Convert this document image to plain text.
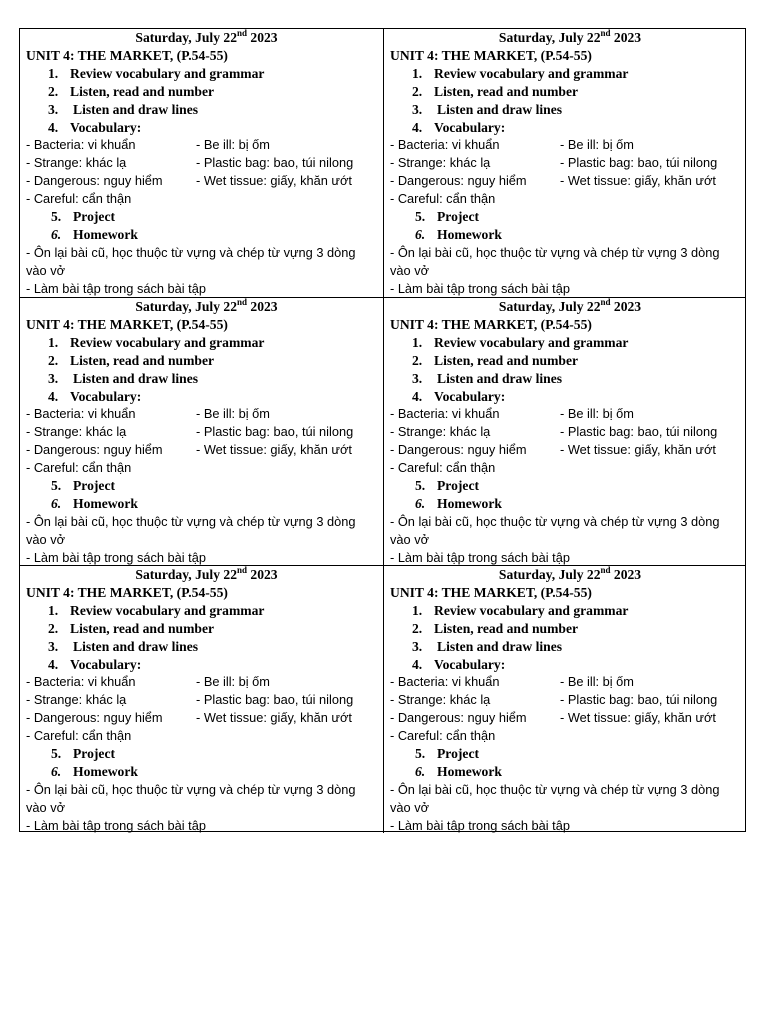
Saturday, July 22nd 2023
UNIT 4: THE MARKET, (P.54-55)
1. Review vocabulary and grammar
2. Listen, read and number
3. Listen and draw lines
4. Vocabulary:
- Bacteria: vi khuẩn	- Be ill: bị ốm
- Strange: khác lạ	- Plastic bag: bao, túi nilong
- Dangerous: nguy hiểm	- Wet tissue: giấy, khăn ướt
- Careful: cẩn thận
5. Project
6. Homework
- Ôn lại bài cũ, học thuộc từ vựng và chép từ vựng 3 dòng vào vở
- Làm bài tập trong sách bài tập
Saturday, July 22nd 2023
UNIT 4: THE MARKET, (P.54-55)
1. Review vocabulary and grammar
2. Listen, read and number
3. Listen and draw lines
4. Vocabulary:
- Bacteria: vi khuẩn	- Be ill: bị ốm
- Strange: khác lạ	- Plastic bag: bao, túi nilong
- Dangerous: nguy hiểm	- Wet tissue: giấy, khăn ướt
- Careful: cẩn thận
5. Project
6. Homework
- Ôn lại bài cũ, học thuộc từ vựng và chép từ vựng 3 dòng vào vở
- Làm bài tập trong sách bài tập
Saturday, July 22nd 2023
UNIT 4: THE MARKET, (P.54-55)
1. Review vocabulary and grammar
2. Listen, read and number
3. Listen and draw lines
4. Vocabulary:
- Bacteria: vi khuẩn	- Be ill: bị ốm
- Strange: khác lạ	- Plastic bag: bao, túi nilong
- Dangerous: nguy hiểm	- Wet tissue: giấy, khăn ướt
- Careful: cẩn thận
5. Project
6. Homework
- Ôn lại bài cũ, học thuộc từ vựng và chép từ vựng 3 dòng vào vở
- Làm bài tập trong sách bài tập
Saturday, July 22nd 2023
UNIT 4: THE MARKET, (P.54-55)
1. Review vocabulary and grammar
2. Listen, read and number
3. Listen and draw lines
4. Vocabulary:
- Bacteria: vi khuẩn	- Be ill: bị ốm
- Strange: khác lạ	- Plastic bag: bao, túi nilong
- Dangerous: nguy hiểm	- Wet tissue: giấy, khăn ướt
- Careful: cẩn thận
5. Project
6. Homework
- Ôn lại bài cũ, học thuộc từ vựng và chép từ vựng 3 dòng vào vở
- Làm bài tập trong sách bài tập
Saturday, July 22nd 2023
UNIT 4: THE MARKET, (P.54-55)
1. Review vocabulary and grammar
2. Listen, read and number
3. Listen and draw lines
4. Vocabulary:
- Bacteria: vi khuẩn	- Be ill: bị ốm
- Strange: khác lạ	- Plastic bag: bao, túi nilong
- Dangerous: nguy hiểm	- Wet tissue: giấy, khăn ướt
- Careful: cẩn thận
5. Project
6. Homework
- Ôn lại bài cũ, học thuộc từ vựng và chép từ vựng 3 dòng vào vở
- Làm bài tập trong sách bài tập
Saturday, July 22nd 2023
UNIT 4: THE MARKET, (P.54-55)
1. Review vocabulary and grammar
2. Listen, read and number
3. Listen and draw lines
4. Vocabulary:
- Bacteria: vi khuẩn	- Be ill: bị ốm
- Strange: khác lạ	- Plastic bag: bao, túi nilong
- Dangerous: nguy hiểm	- Wet tissue: giấy, khăn ướt
- Careful: cẩn thận
5. Project
6. Homework
- Ôn lại bài cũ, học thuộc từ vựng và chép từ vựng 3 dòng vào vở
- Làm bài tập trong sách bài tập
